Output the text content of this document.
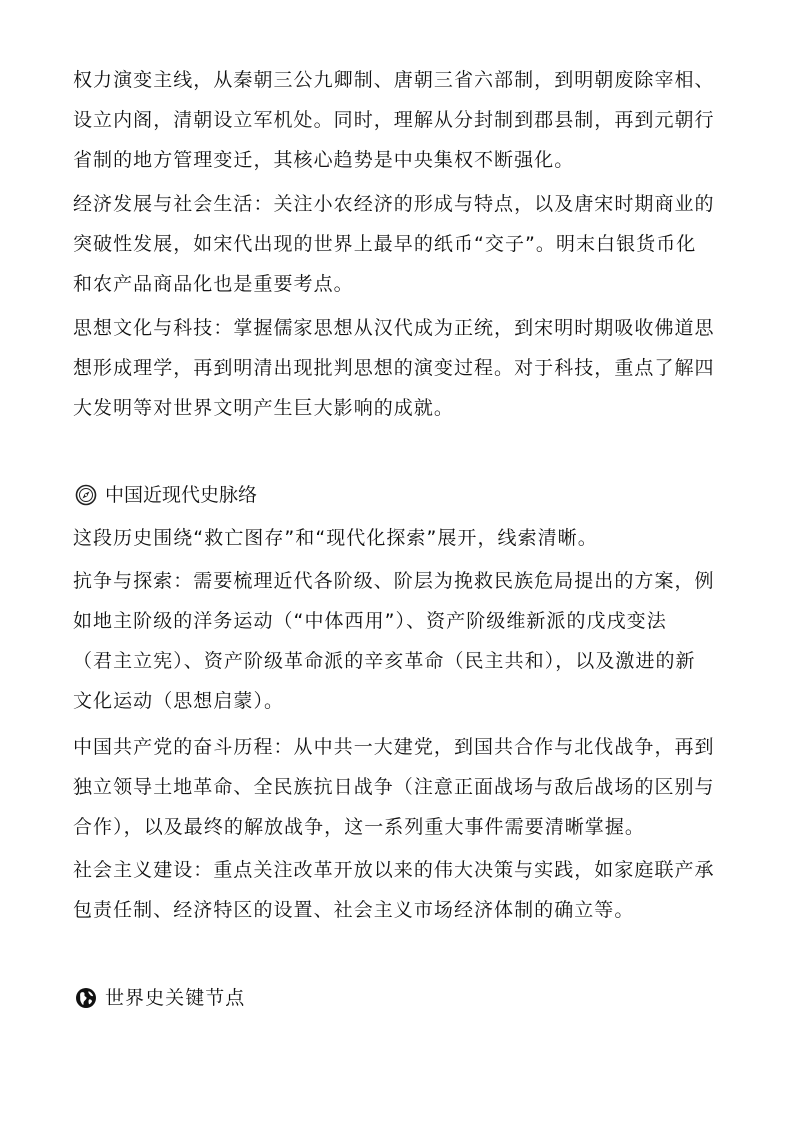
权力演变主线，从秦朝三公九卿制、唐朝三省六部制，到明朝废除宰相、
设立内阁，清朝设立军机处。同时，理解从分封制到郡县制，再到元朝行
省制的地方管理变迁，其核心趋势是中央集权不断强化。
经济发展与社会生活：关注小农经济的形成与特点，以及唐宋时期商业的
突破性发展，如宋代出现的世界上最早的纸币“交子”。明末白银货币化
和农产品商品化也是重要考点。
思想文化与科技：掌握儒家思想从汉代成为正统，到宋明时期吸收佛道思
想形成理学，再到明清出现批判思想的演变过程。对于科技，重点了解四
大发明等对世界文明产生巨大影响的成就。
中国近现代史脉络
这段历史围绕“救亡图存”和“现代化探索”展开，线索清晰。
抗争与探索：需要梳理近代各阶级、阶层为挽救民族危局提出的方案，例
如地主阶级的洋务运动（“中体西用”）、资产阶级维新派的戊戌变法
（君主立宪）、资产阶级革命派的辛亥革命（民主共和），以及激进的新
文化运动（思想启蒙）。
中国共产党的奋斗历程：从中共一大建党，到国共合作与北伐战争，再到
独立领导土地革命、全民族抗日战争（注意正面战场与敌后战场的区别与
合作），以及最终的解放战争，这一系列重大事件需要清晰掌握。
社会主义建设：重点关注改革开放以来的伟大决策与实践，如家庭联产承
包责任制、经济特区的设置、社会主义市场经济体制的确立等。
世界史关键节点
